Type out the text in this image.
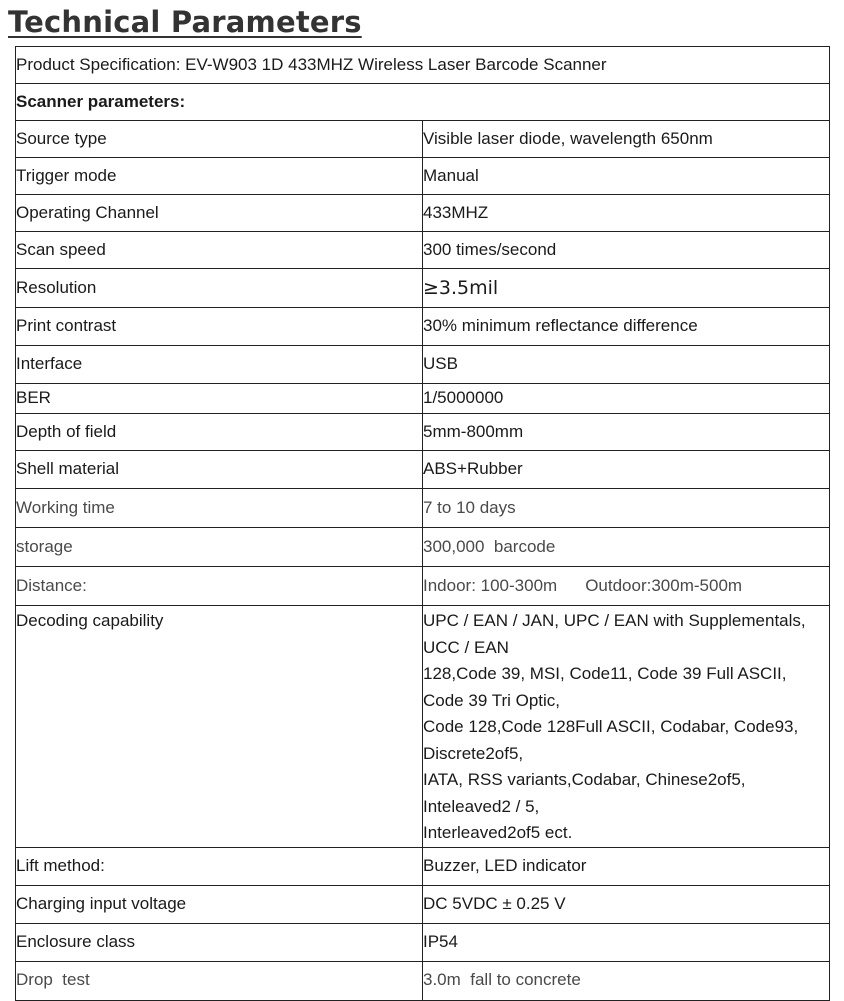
Technical Parameters
Product Specification: EV-W903 1D 433MHZ Wireless Laser Barcode Scanner	
Scanner parameters:	
Source type	Visible laser diode, wavelength 650nm
Trigger mode	Manual
Operating Channel	433MHZ
Scan speed	300 times/second
Resolution	≥3.5mil
Print contrast	30% minimum reflectance difference
Interface	USB
BER	1/5000000
Depth of field	5mm-800mm
Shell material	ABS+Rubber
Working time	7 to 10 days
storage	300,000  barcode
Distance:	Indoor: 100-300m Outdoor:300m-500m
Decoding capability	UPC / EAN / JAN, UPC / EAN with Supplementals, UCC / EAN
128,Code 39, MSI, Code11, Code 39 Full ASCII, Code 39 Tri Optic,
Code 128,Code 128Full ASCII, Codabar, Code93, Discrete2of5,
IATA, RSS variants,Codabar, Chinese2of5, Inteleaved2 / 5,
Interleaved2of5 ect.

Lift method:	Buzzer, LED indicator
Charging input voltage	DC 5VDC ± 0.25 V
Enclosure class	IP54
Drop  test	3.0m  fall to concrete
